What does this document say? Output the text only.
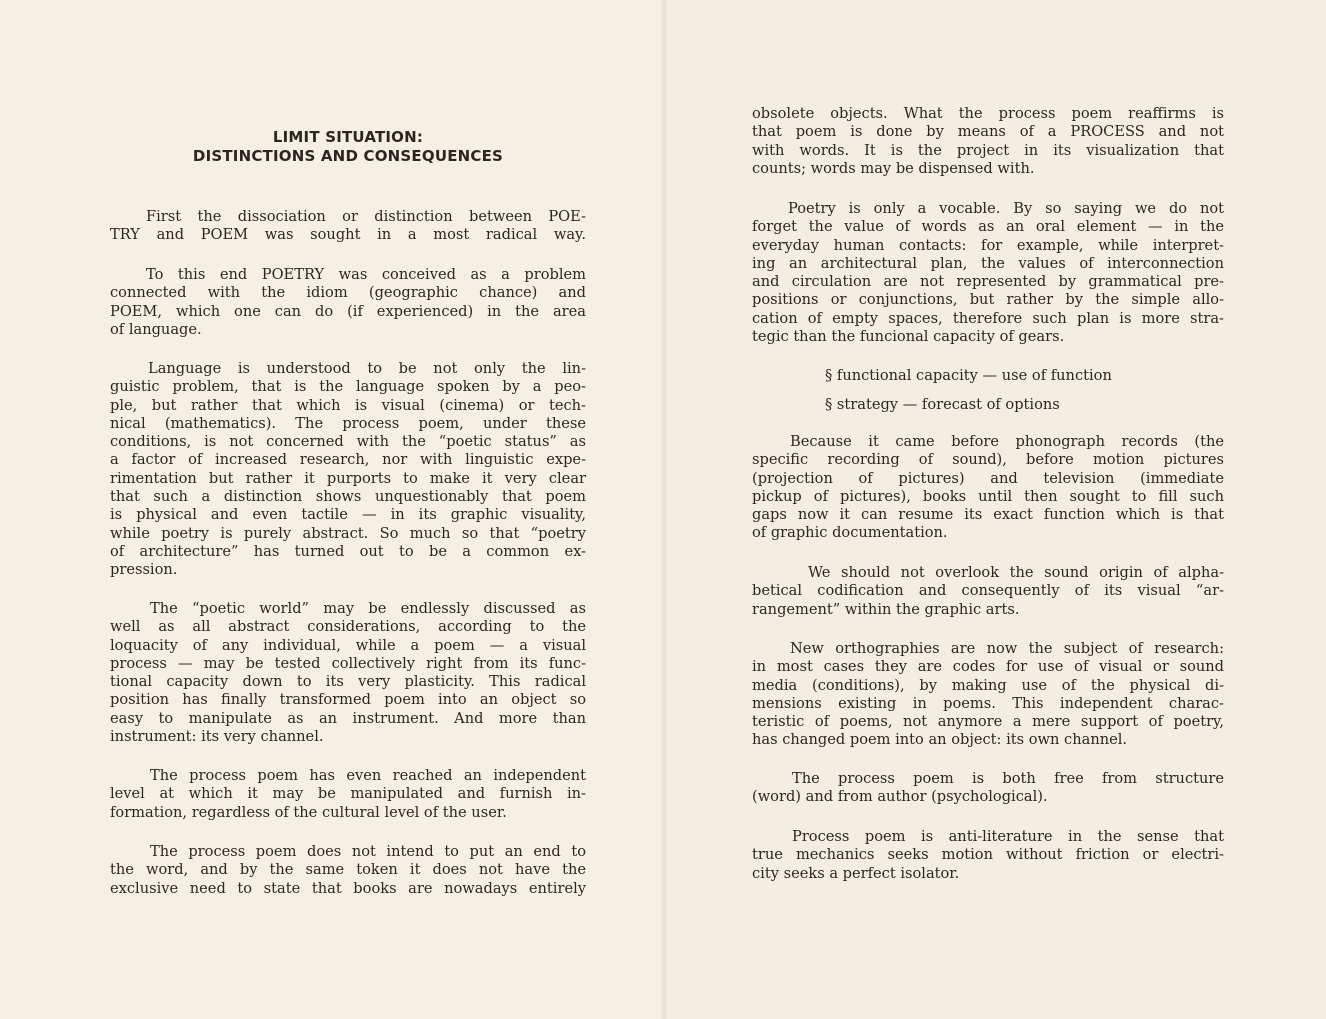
LIMIT SITUATION:
DISTINCTIONS AND CONSEQUENCES
First the dissociation or distinction between POE-
TRY and POEM was sought in a most radical way.
To this end POETRY was conceived as a problem
connected with the idiom (geographic chance) and
POEM, which one can do (if experienced) in the area
of language.
Language is understood to be not only the lin-
guistic problem, that is the language spoken by a peo-
ple, but rather that which is visual (cinema) or tech-
nical (mathematics). The process poem, under these
conditions, is not concerned with the “poetic status” as
a factor of increased research, nor with linguistic expe-
rimentation but rather it purports to make it very clear
that such a distinction shows unquestionably that poem
is physical and even tactile — in its graphic visuality,
while poetry is purely abstract. So much so that “poetry
of architecture” has turned out to be a common ex-
pression.
The “poetic world” may be endlessly discussed as
well as all abstract considerations, according to the
loquacity of any individual, while a poem — a visual
process — may be tested collectively right from its func-
tional capacity down to its very plasticity. This radical
position has finally transformed poem into an object so
easy to manipulate as an instrument. And more than
instrument: its very channel.
The process poem has even reached an independent
level at which it may be manipulated and furnish in-
formation, regardless of the cultural level of the user.
The process poem does not intend to put an end to
the word, and by the same token it does not have the
exclusive need to state that books are nowadays entirely
obsolete objects. What the process poem reaffirms is
that poem is done by means of a PROCESS and not
with words. It is the project in its visualization that
counts; words may be dispensed with.
Poetry is only a vocable. By so saying we do not
forget the value of words as an oral element — in the
everyday human contacts: for example, while interpret-
ing an architectural plan, the values of interconnection
and circulation are not represented by grammatical pre-
positions or conjunctions, but rather by the simple allo-
cation of empty spaces, therefore such plan is more stra-
tegic than the funcional capacity of gears.
Because it came before phonograph records (the
specific recording of sound), before motion pictures
(projection of pictures) and television (immediate
pickup of pictures), books until then sought to fill such
gaps now it can resume its exact function which is that
of graphic documentation.
We should not overlook the sound origin of alpha-
betical codification and consequently of its visual “ar-
rangement” within the graphic arts.
New orthographies are now the subject of research:
in most cases they are codes for use of visual or sound
media (conditions), by making use of the physical di-
mensions existing in poems. This independent charac-
teristic of poems, not anymore a mere support of poetry,
has changed poem into an object: its own channel.
The process poem is both free from structure
(word) and from author (psychological).
Process poem is anti-literature in the sense that
true mechanics seeks motion without friction or electri-
city seeks a perfect isolator.
§ functional capacity — use of function
§ strategy — forecast of options
